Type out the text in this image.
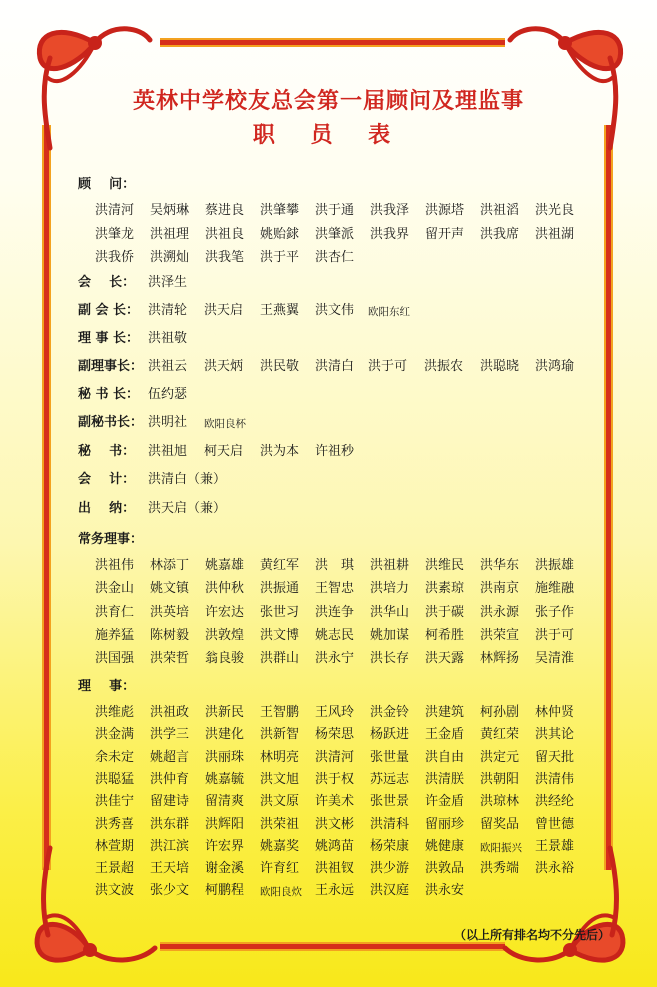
英林中学校友总会第一届顾问及理监事
职 员 表
顾    问：
洪清河 吴炳琳 蔡进良 洪肇攀 洪于通 洪我泽 洪源塔 洪祖滔 洪光良
洪肇龙 洪祖理 洪祖良 姚贻銶 洪肇派 洪我界 留开声 洪我席 洪祖湖
洪我侨 洪溯灿 洪我笔 洪于平 洪杏仁
会    长： 洪泽生
副 会 长： 洪清轮 洪天启 王燕翼 洪文伟 欧阳东红
理 事 长： 洪祖敬
副理事长： 洪祖云 洪天炳 洪民敬 洪清白 洪于可 洪振农 洪聪晓 洪鸿瑜
秘 书 长： 伍约瑟
副秘书长： 洪明社 欧阳良杯
秘    书： 洪祖旭 柯天启 洪为本 许祖秒
会    计： 洪清白（兼）
出    纳： 洪天启（兼）
常务理事：
洪祖伟 林添丁 姚嘉雄 黄红军 洪　琪 洪祖耕 洪维民 洪华东 洪振雄
洪金山 姚文镇 洪仲秋 洪振通 王智忠 洪培力 洪素琼 洪南京 施维融
洪育仁 洪英培 许宏达 张世习 洪连争 洪华山 洪于碳 洪永源 张子作
施养猛 陈树毅 洪敦煌 洪文博 姚志民 姚加谋 柯希胜 洪荣宣 洪于可
洪国强 洪荣哲 翁良骏 洪群山 洪永宁 洪长存 洪天露 林辉扬 吴清淮
理    事：
洪维彪 洪祖政 洪新民 王智鹏 王风玲 洪金铃 洪建筑 柯孙剧 林仲贤
洪金满 洪学三 洪建化 洪新智 杨荣思 杨跃进 王金盾 黄红荣 洪其论
余未定 姚超言 洪丽珠 林明亮 洪清河 张世量 洪自由 洪定元 留天批
洪聪猛 洪仲育 姚嘉毓 洪文旭 洪于权 苏远志 洪清朕 洪朝阳 洪清伟
洪佳宁 留建诗 留清爽 洪文原 许美术 张世景 许金盾 洪琼林 洪经纶
洪秀喜 洪东群 洪辉阳 洪荣祖 洪文彬 洪清科 留丽珍 留奖品 曾世德
林萱期 洪江滨 许宏界 姚嘉奖 姚鸿苗 杨荣康 姚健康 欧阳振兴 王景雄
王景超 王天培 谢金溪 许育红 洪祖钗 洪少游 洪敦品 洪秀端 洪永裕
洪文波 张少文 柯鹏程 欧阳良炊 王永远 洪汉庭 洪永安
（以上所有排名均不分先后）
